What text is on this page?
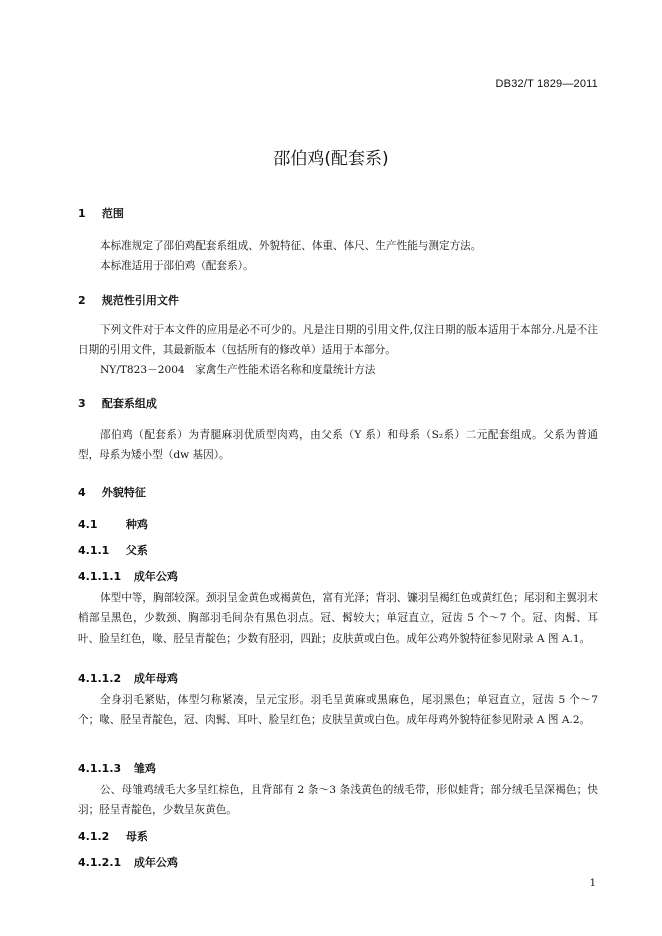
DB32/T 1829—2011
邵伯鸡(配套系)
1 范围
本标准规定了邵伯鸡配套系组成、外貌特征、体重、体尺、生产性能与测定方法。
本标准适用于邵伯鸡（配套系）。
2 规范性引用文件
下列文件对于本文件的应用是必不可少的。凡是注日期的引用文件,仅注日期的版本适用于本部分.凡是不注日期的引用文件，其最新版本（包括所有的修改单）适用于本部分。
NY/T823－2004　家禽生产性能术语名称和度量统计方法
3 配套系组成
邵伯鸡（配套系）为青腿麻羽优质型肉鸡，由父系（Y 系）和母系（S₂系）二元配套组成。父系为普通型，母系为矮小型（dw 基因）。
4 外貌特征
4.1	种鸡
4.1.1 父系
4.1.1.1 成年公鸡
体型中等，胸部较深。颈羽呈金黄色或褐黄色，富有光泽；背羽、镰羽呈褐红色或黄红色；尾羽和主翼羽末梢部呈黑色，少数颈、胸部羽毛间杂有黑色羽点。冠、髯较大；单冠直立，冠齿 5 个～7 个。冠、肉髯、耳叶、脸呈红色，喙、胫呈青靛色；少数有胫羽，四趾；皮肤黄或白色。成年公鸡外貌特征参见附录 A 图 A.1。
4.1.1.2 成年母鸡
全身羽毛紧贴，体型匀称紧凑，呈元宝形。羽毛呈黄麻或黑麻色，尾羽黑色；单冠直立，冠齿 5 个～7 个；喙、胫呈青靛色，冠、肉髯、耳叶、脸呈红色；皮肤呈黄或白色。成年母鸡外貌特征参见附录 A 图 A.2。
4.1.1.3 雏鸡
公、母雏鸡绒毛大多呈红棕色，且背部有 2 条～3 条浅黄色的绒毛带，形似蛙背；部分绒毛呈深褐色；快羽；胫呈青靛色，少数呈灰黄色。
4.1.2 母系
4.1.2.1 成年公鸡
1
